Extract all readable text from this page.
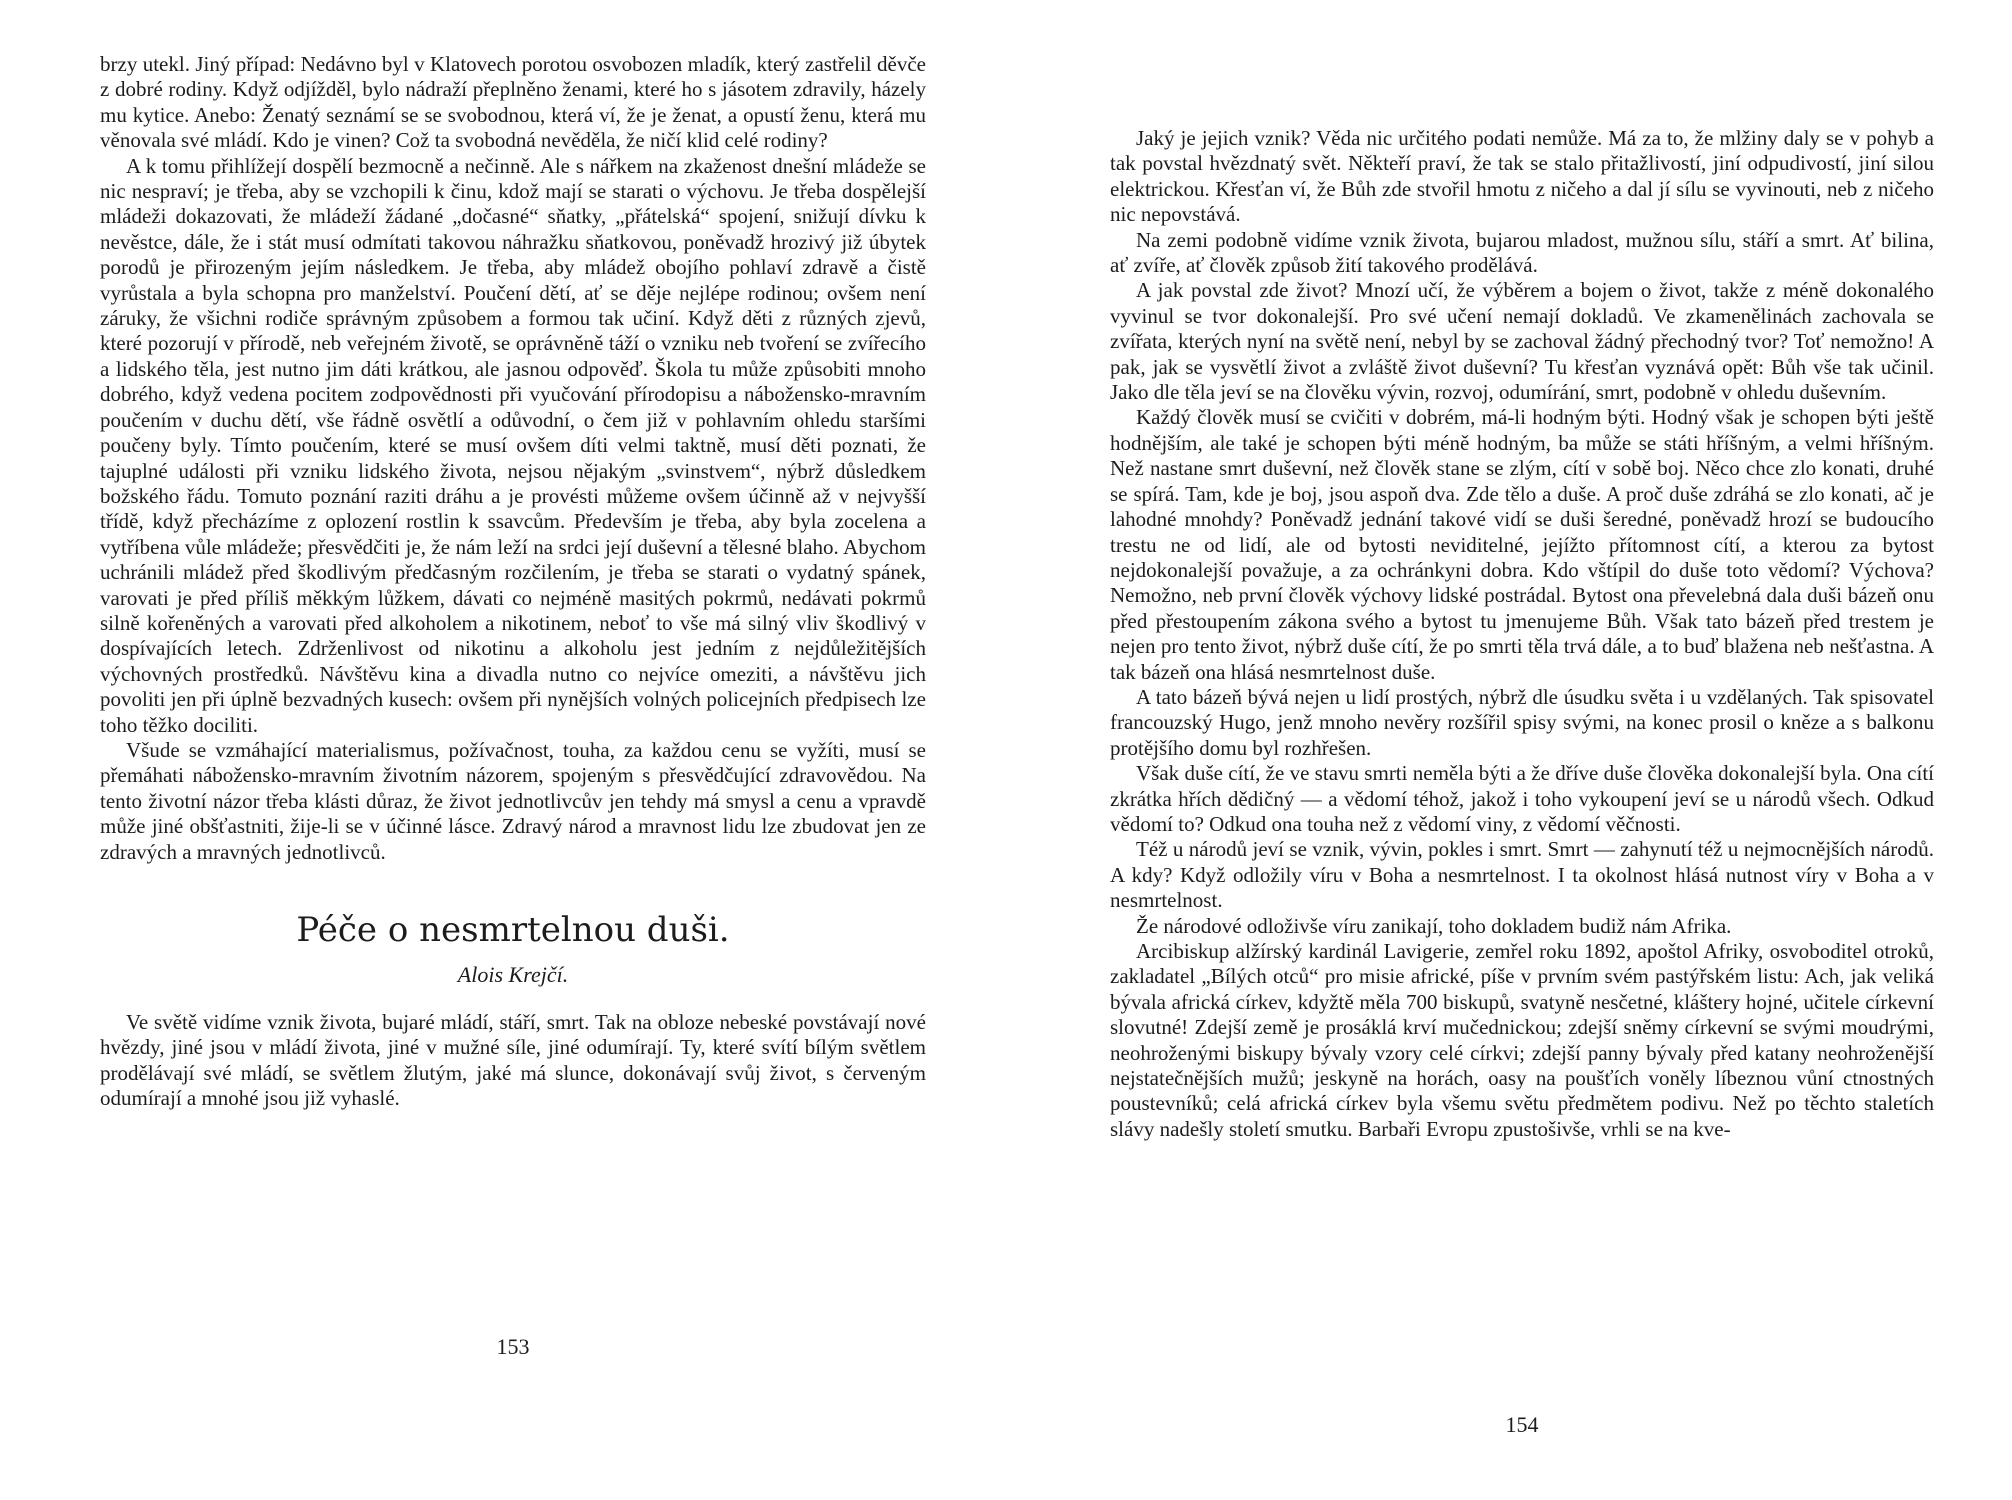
brzy utekl. Jiný případ: Nedávno byl v Klatovech porotou osvobozen mladík, který zastřelil děvče z dobré rodiny. Když odjížděl, bylo nádraží přeplněno ženami, které ho s jásotem zdravily, házely mu kytice. Anebo: Ženatý seznámí se se svobodnou, která ví, že je ženat, a opustí ženu, která mu věnovala své mládí. Kdo je vinen? Což ta svobodná nevěděla, že ničí klid celé rodiny?

A k tomu přihlížejí dospělí bezmocně a nečinně. Ale s nářkem na zkaženost dnešní mládeže se nic nespraví; je třeba, aby se vzchopili k činu, kdož mají se starati o výchovu. Je třeba dospělejší mládeži dokazovati, že mládeží žádané „dočasné“ sňatky, „přátelská“ spojení, snižují dívku k nevěstce, dále, že i stát musí odmítati takovou náhražku sňatkovou, poněvadž hrozivý již úbytek porodů je přirozeným jejím následkem. Je třeba, aby mládež obojího pohlaví zdravě a čistě vyrůstala a byla schopna pro manželství. Poučení dětí, ať se děje nejlépe rodinou; ovšem není záruky, že všichni rodiče správným způsobem a formou tak učiní. Když děti z různých zjevů, které pozorují v přírodě, neb veřejném životě, se oprávněně táží o vzniku neb tvoření se zvířecího a lidského těla, jest nutno jim dáti krátkou, ale jasnou odpověď. Škola tu může způsobiti mnoho dobrého, když vedena pocitem zodpovědnosti při vyučování přírodopisu a nábožensko-mravním poučením v duchu dětí, vše řádně osvětlí a odůvodní, o čem již v pohlavním ohledu staršími poučeny byly. Tímto poučením, které se musí ovšem díti velmi taktně, musí děti poznati, že tajuplné události při vzniku lidského života, nejsou nějakým „svinstvem“, nýbrž důsledkem božského řádu. Tomuto poznání raziti dráhu a je provésti můžeme ovšem účinně až v nejvyšší třídě, když přecházíme z oplození rostlin k ssavcům. Především je třeba, aby byla zocelena a vytříbena vůle mládeže; přesvědčiti je, že nám leží na srdci její duševní a tělesné blaho. Abychom uchránili mládež před škodlivým předčasným rozčilením, je třeba se starati o vydatný spánek, varovati je před příliš měkkým lůžkem, dávati co nejméně masitých pokrmů, nedávati pokrmů silně kořeněných a varovati před alkoholem a nikotinem, neboť to vše má silný vliv škodlivý v dospívajících letech. Zdrženlivost od nikotinu a alkoholu jest jedním z nejdůležitějších výchovných prostředků. Návštěvu kina a divadla nutno co nejvíce omeziti, a návštěvu jich povoliti jen při úplně bezvadných kusech: ovšem při nynějších volných policejních předpisech lze toho těžko dociliti.

Všude se vzmáhající materialismus, požívačnost, touha, za každou cenu se vyžíti, musí se přemáhati nábožensko-mravním životním názorem, spojeným s přesvědčující zdravovědou. Na tento životní názor třeba klásti důraz, že život jednotlivcův jen tehdy má smysl a cenu a vpravdě může jiné obšťastniti, žije-li se v účinné lásce. Zdravý národ a mravnost lidu lze zbudovat jen ze zdravých a mravných jednotlivců.

Péče o nesmrtelnou duši.
Alois Krejčí.

Ve světě vidíme vznik života, bujaré mládí, stáří, smrt. Tak na obloze nebeské povstávají nové hvězdy, jiné jsou v mládí života, jiné v mužné síle, jiné odumírají. Ty, které svítí bílým světlem prodělávají své mládí, se světlem žlutým, jaké má slunce, dokonávají svůj život, s červeným odumírají a mnohé jsou již vyhaslé.

153

Jaký je jejich vznik? Věda nic určitého podati nemůže. Má za to, že mlžiny daly se v pohyb a tak povstal hvězdnatý svět. Někteří praví, že tak se stalo přitažlivostí, jiní odpudivostí, jiní silou elektrickou. Křesťan ví, že Bůh zde stvořil hmotu z ničeho a dal jí sílu se vyvinouti, neb z ničeho nic nepovstává.

Na zemi podobně vidíme vznik života, bujarou mladost, mužnou sílu, stáří a smrt. Ať bilina, ať zvíře, ať člověk způsob žití takového prodělává.

A jak povstal zde život? Mnozí učí, že výběrem a bojem o život, takže z méně dokonalého vyvinul se tvor dokonalejší. Pro své učení nemají dokladů. Ve zkamenělinách zachovala se zvířata, kterých nyní na světě není, nebyl by se zachoval žádný přechodný tvor? Toť nemožno! A pak, jak se vysvětlí život a zvláště život duševní? Tu křesťan vyznává opět: Bůh vše tak učinil. Jako dle těla jeví se na člověku vývin, rozvoj, odumírání, smrt, podobně v ohledu duševním.

Každý člověk musí se cvičiti v dobrém, má-li hodným býti. Hodný však je schopen býti ještě hodnějším, ale také je schopen býti méně hodným, ba může se státi hříšným, a velmi hříšným. Než nastane smrt duševní, než člověk stane se zlým, cítí v sobě boj. Něco chce zlo konati, druhé se spírá. Tam, kde je boj, jsou aspoň dva. Zde tělo a duše. A proč duše zdráhá se zlo konati, ač je lahodné mnohdy? Poněvadž jednání takové vidí se duši šeredné, poněvadž hrozí se budoucího trestu ne od lidí, ale od bytosti neviditelné, jejížto přítomnost cítí, a kterou za bytost nejdokonalejší považuje, a za ochránkyni dobra. Kdo vštípil do duše toto vědomí? Výchova? Nemožno, neb první člověk výchovy lidské postrádal. Bytost ona převelebná dala duši bázeň onu před přestoupením zákona svého a bytost tu jmenujeme Bůh. Však tato bázeň před trestem je nejen pro tento život, nýbrž duše cítí, že po smrti těla trvá dále, a to buď blažena neb nešťastna. A tak bázeň ona hlásá nesmrtelnost duše.

A tato bázeň bývá nejen u lidí prostých, nýbrž dle úsudku světa i u vzdělaných. Tak spisovatel francouzský Hugo, jenž mnoho nevěry rozšířil spisy svými, na konec prosil o kněze a s balkonu protějšího domu byl rozhřešen.

Však duše cítí, že ve stavu smrti neměla býti a že dříve duše člověka dokonalejší byla. Ona cítí zkrátka hřích dědičný — a vědomí téhož, jakož i toho vykoupení jeví se u národů všech. Odkud vědomí to? Odkud ona touha než z vědomí viny, z vědomí věčnosti.

Též u národů jeví se vznik, vývin, pokles i smrt. Smrt — zahynutí též u nejmocnějších národů. A kdy? Když odložily víru v Boha a nesmrtelnost. I ta okolnost hlásá nutnost víry v Boha a v nesmrtelnost.

Že národové odloživše víru zanikají, toho dokladem budiž nám Afrika.

Arcibiskup alžírský kardinál Lavigerie, zemřel roku 1892, apoštol Afriky, osvoboditel otroků, zakladatel „Bílých otců“ pro misie africké, píše v prvním svém pastýřském listu: Ach, jak veliká bývala africká církev, kdyžtě měla 700 biskupů, svatyně nesčetné, kláštery hojné, učitele církevní slovutné! Zdejší země je prosáklá krví mučednickou; zdejší sněmy církevní se svými moudrými, neohroženými biskupy bývaly vzory celé církvi; zdejší panny bývaly před katany neohroženější nejstatečnějších mužů; jeskyně na horách, oasy na poušťích voněly líbeznou vůní ctnostných poustevníků; celá africká církev byla všemu světu předmětem podivu. Než po těchto staletích slávy nadešly století smutku. Barbaři Evropu zpustošivše, vrhli se na kve-

154
